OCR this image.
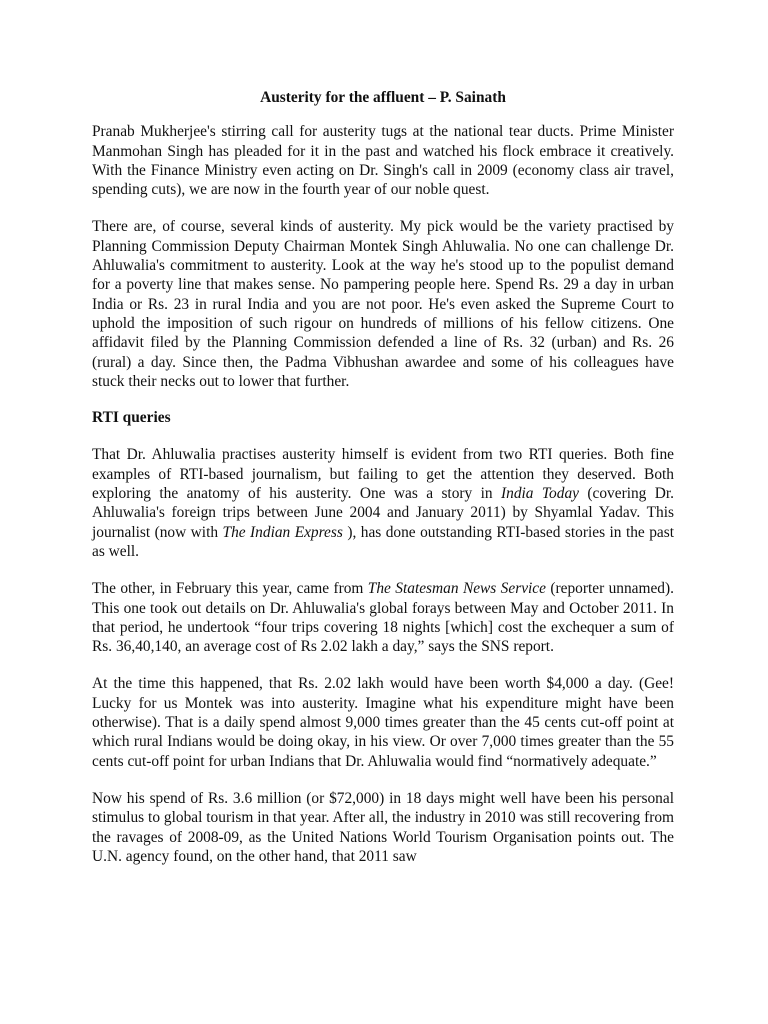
Austerity for the affluent – P. Sainath

Pranab Mukherjee's stirring call for austerity tugs at the national tear ducts. Prime Minister Manmohan Singh has pleaded for it in the past and watched his flock embrace it creatively. With the Finance Ministry even acting on Dr. Singh's call in 2009 (economy class air travel, spending cuts), we are now in the fourth year of our noble quest.

There are, of course, several kinds of austerity. My pick would be the variety practised by Planning Commission Deputy Chairman Montek Singh Ahluwalia. No one can challenge Dr. Ahluwalia's commitment to austerity. Look at the way he's stood up to the populist demand for a poverty line that makes sense. No pampering people here. Spend Rs. 29 a day in urban India or Rs. 23 in rural India and you are not poor. He's even asked the Supreme Court to uphold the imposition of such rigour on hundreds of millions of his fellow citizens. One affidavit filed by the Planning Commission defended a line of Rs. 32 (urban) and Rs. 26 (rural) a day. Since then, the Padma Vibhushan awardee and some of his colleagues have stuck their necks out to lower that further.

RTI queries

That Dr. Ahluwalia practises austerity himself is evident from two RTI queries. Both fine examples of RTI-based journalism, but failing to get the attention they deserved. Both exploring the anatomy of his austerity. One was a story in India Today (covering Dr. Ahluwalia's foreign trips between June 2004 and January 2011) by Shyamlal Yadav. This journalist (now with The Indian Express ), has done outstanding RTI-based stories in the past as well.

The other, in February this year, came from The Statesman News Service (reporter unnamed). This one took out details on Dr. Ahluwalia's global forays between May and October 2011. In that period, he undertook “four trips covering 18 nights [which] cost the exchequer a sum of Rs. 36,40,140, an average cost of Rs 2.02 lakh a day,” says the SNS report.

At the time this happened, that Rs. 2.02 lakh would have been worth $4,000 a day. (Gee! Lucky for us Montek was into austerity. Imagine what his expenditure might have been otherwise). That is a daily spend almost 9,000 times greater than the 45 cents cut-off point at which rural Indians would be doing okay, in his view. Or over 7,000 times greater than the 55 cents cut-off point for urban Indians that Dr. Ahluwalia would find “normatively adequate.”

Now his spend of Rs. 3.6 million (or $72,000) in 18 days might well have been his personal stimulus to global tourism in that year. After all, the industry in 2010 was still recovering from the ravages of 2008-09, as the United Nations World Tourism Organisation points out. The U.N. agency found, on the other hand, that 2011 saw
